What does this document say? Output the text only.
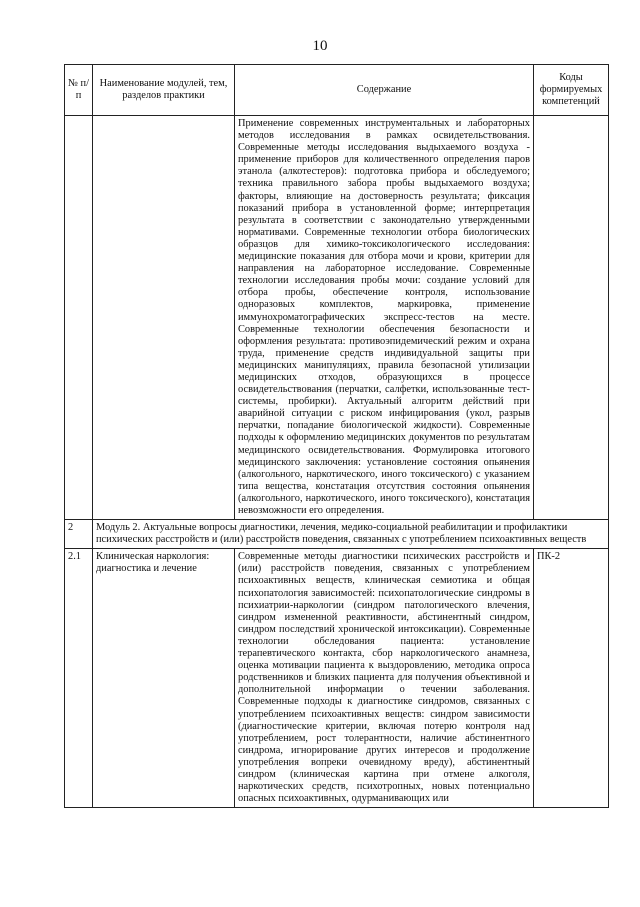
10
№ п/п	Наименование модулей, тем, разделов практики	Содержание	Коды формируемых компетенций
		Применение современных инструментальных и лабораторных методов исследования в рамках освидетельствования. Современные методы исследования выдыхаемого воздуха - применение приборов для количественного определения паров этанола (алкотестеров): подготовка прибора и обследуемого; техника правильного забора пробы выдыхаемого воздуха; факторы, влияющие на достоверность результата; фиксация показаний прибора в установленной форме; интерпретация результата в соответствии с законодательно утвержденными нормативами. Современные технологии отбора биологических образцов для химико-токсикологического исследования: медицинские показания для отбора мочи и крови, критерии для направления на лабораторное исследование. Современные технологии исследования пробы мочи: создание условий для отбора пробы, обеспечение контроля, использование одноразовых комплектов, маркировка, применение иммунохроматографических экспресс-тестов на месте. Современные технологии обеспечения безопасности и оформления результата: противоэпидемический режим и охрана труда, применение средств индивидуальной защиты при медицинских манипуляциях, правила безопасной утилизации медицинских отходов, образующихся в процессе освидетельствования (перчатки, салфетки, использованные тест-системы, пробирки). Актуальный алгоритм действий при аварийной ситуации с риском инфицирования (укол, разрыв перчатки, попадание биологической жидкости). Современные подходы к оформлению медицинских документов по результатам медицинского освидетельствования. Формулировка итогового медицинского заключения: установление состояния опьянения (алкогольного, наркотического, иного токсического) с указанием типа вещества, констатация отсутствия состояния опьянения (алкогольного, наркотического, иного токсического), констатация невозможности его определения.	
2	Модуль 2. Актуальные вопросы диагностики, лечения, медико-социальной реабилитации и профилактики психических расстройств и (или) расстройств поведения, связанных с употреблением психоактивных веществ		
2.1	Клиническая наркология: диагностика и лечение	Современные методы диагностики психических расстройств и (или) расстройств поведения, связанных с употреблением психоактивных веществ, клиническая семиотика и общая психопатология зависимостей: психопатологические синдромы в психиатрии-наркологии (синдром патологического влечения, синдром измененной реактивности, абстинентный синдром, синдром последствий хронической интоксикации). Современные технологии обследования пациента: установление терапевтического контакта, сбор наркологического анамнеза, оценка мотивации пациента к выздоровлению, методика опроса родственников и близких пациента для получения объективной и дополнительной информации о течении заболевания. Современные подходы к диагностике синдромов, связанных с употреблением психоактивных веществ: синдром зависимости (диагностические критерии, включая потерю контроля над употреблением, рост толерантности, наличие абстинентного синдрома, игнорирование других интересов и продолжение употребления вопреки очевидному вреду), абстинентный синдром (клиническая картина при отмене алкоголя, наркотических средств, психотропных, новых потенциально опасных психоактивных, одурманивающих или	ПК-2
